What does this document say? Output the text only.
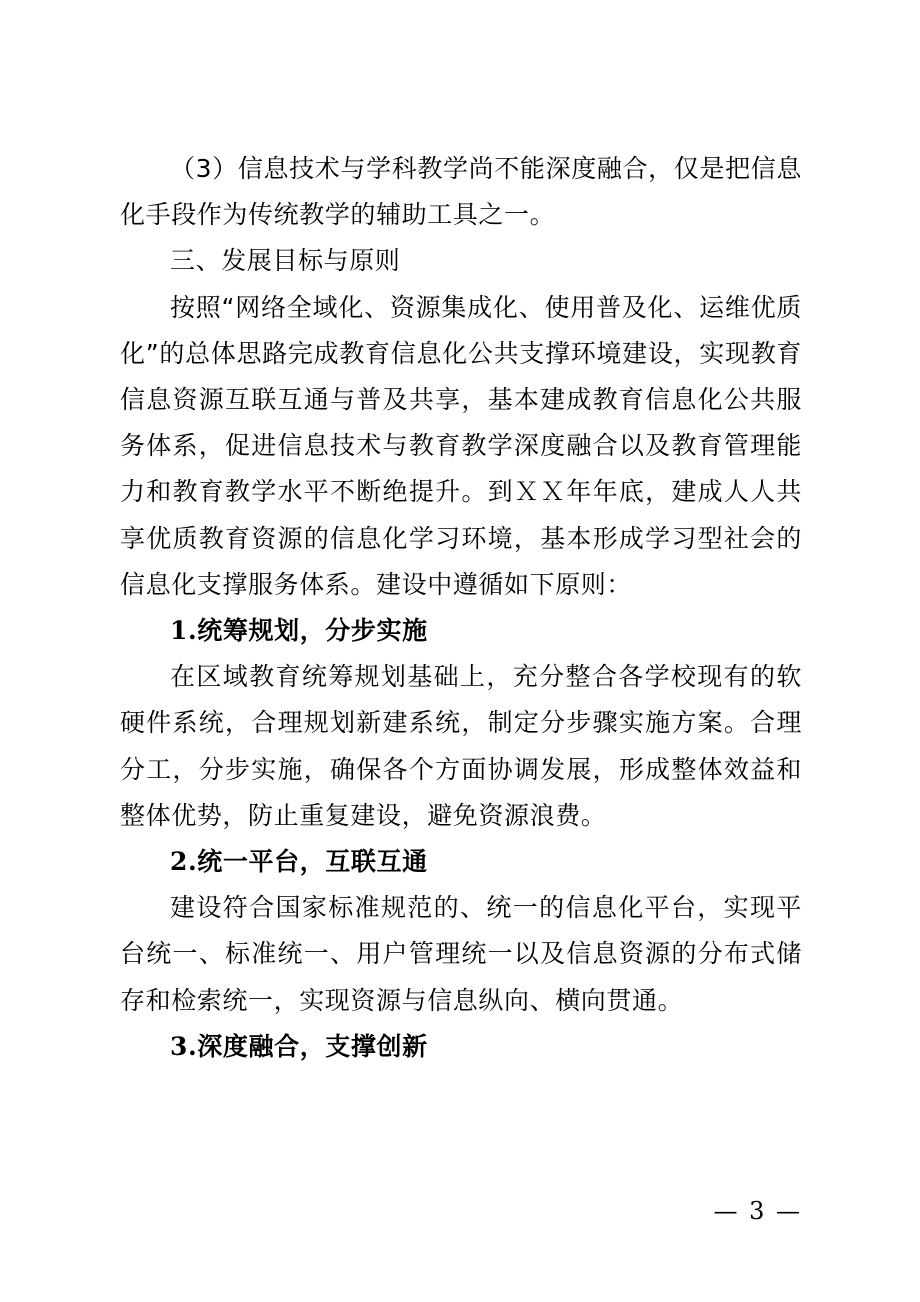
（3）信息技术与学科教学尚不能深度融合，仅是把信息化手段作为传统教学的辅助工具之一。

三、发展目标与原则

按照“网络全域化、资源集成化、使用普及化、运维优质化”的总体思路完成教育信息化公共支撑环境建设，实现教育信息资源互联互通与普及共享，基本建成教育信息化公共服务体系，促进信息技术与教育教学深度融合以及教育管理能力和教育教学水平不断绝提升。到ＸＸ年年底，建成人人共享优质教育资源的信息化学习环境，基本形成学习型社会的信息化支撑服务体系。建设中遵循如下原则：

1.统筹规划，分步实施

在区域教育统筹规划基础上，充分整合各学校现有的软硬件系统，合理规划新建系统，制定分步骤实施方案。合理分工，分步实施，确保各个方面协调发展，形成整体效益和整体优势，防止重复建设，避免资源浪费。

2.统一平台，互联互通

建设符合国家标准规范的、统一的信息化平台，实现平台统一、标准统一、用户管理统一以及信息资源的分布式储存和检索统一，实现资源与信息纵向、横向贯通。

3.深度融合，支撑创新

— 3 —
